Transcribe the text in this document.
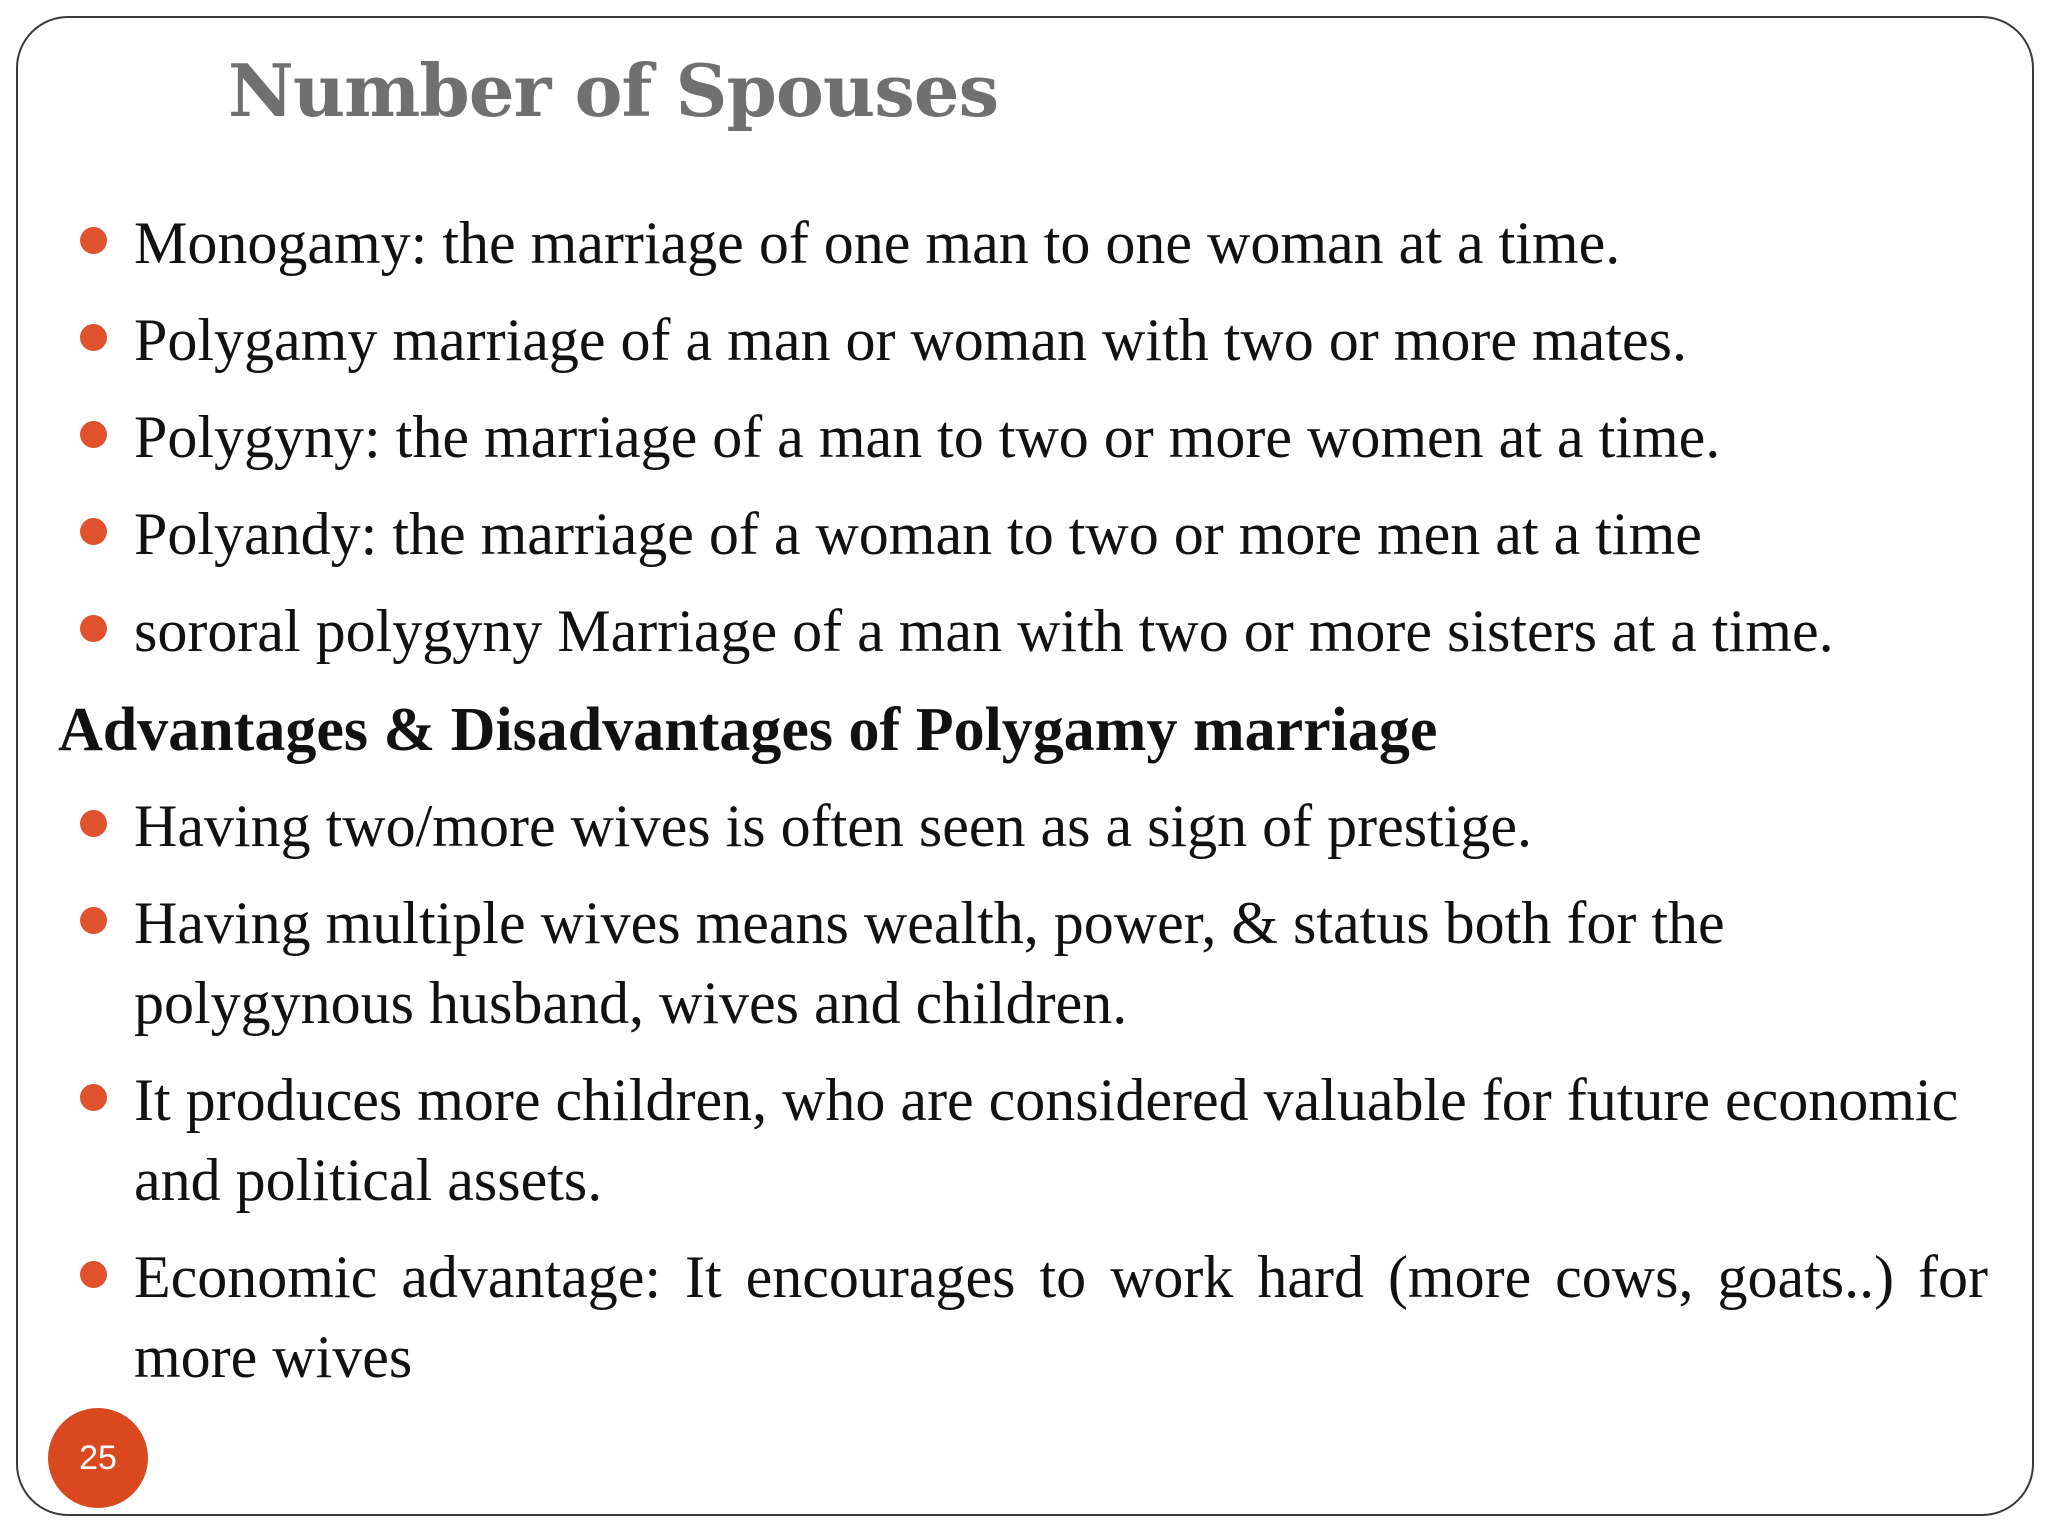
Number of Spouses
Monogamy: the marriage of one man to one woman at a time.
Polygamy marriage of a man or woman with two or more mates.
Polygyny: the marriage of a man to two or more women at a time.
Polyandy: the marriage of a woman to two or more men at a time
sororal polygyny Marriage of a man with two or more sisters at a time.
Advantages & Disadvantages of Polygamy marriage
Having two/more wives is often seen as a sign of prestige.
Having multiple wives means wealth, power, & status both for the polygynous husband, wives and children.
It produces more children, who are considered valuable for future economic and political assets.
Economic advantage: It encourages to work hard (more cows, goats..) for more wives
25
